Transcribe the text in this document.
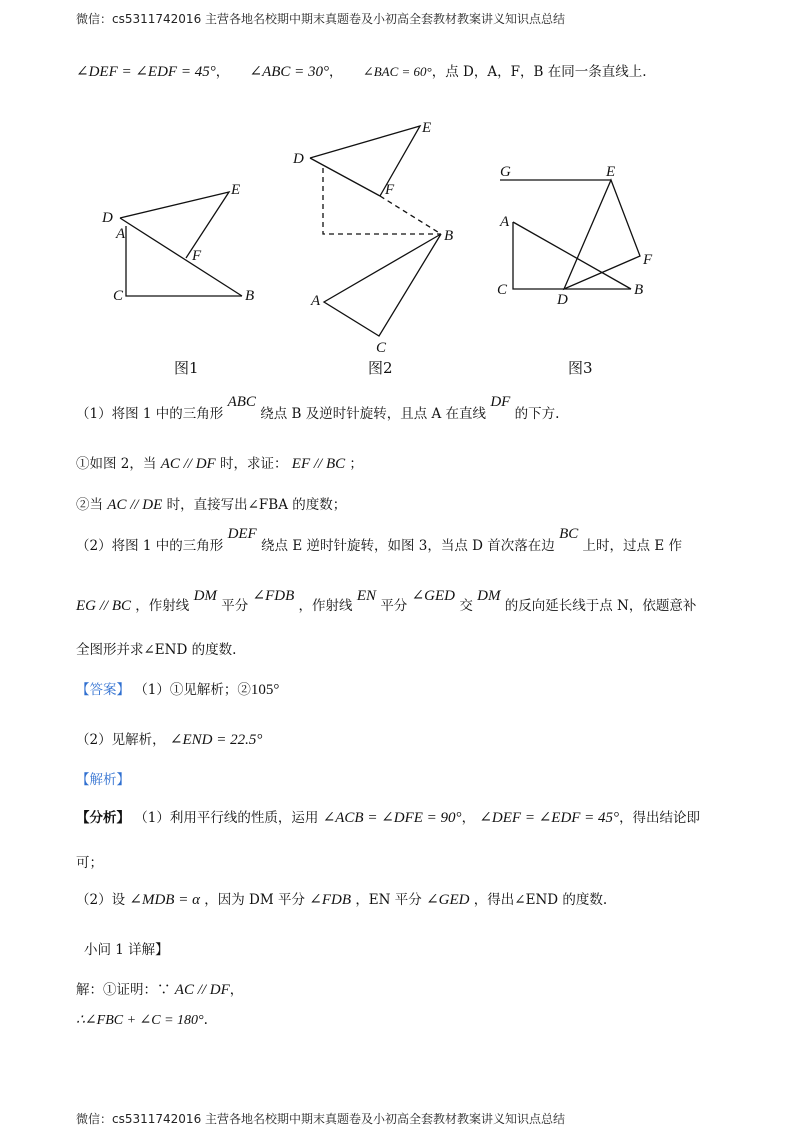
微信：cs5311742016 主营各地名校期中期末真题卷及小初高全套教材教案讲义知识点总结
∠DEF = ∠EDF = 45°， ∠ABC = 30°， ∠BAC = 60°，点 D，A，F，B 在同一条直线上.
D
A
E
F
C	B
D
E
F
B
A
C
G	E
A
F
C
D
B
图1	图2	图3
（1）将图 1 中的三角形 ABC 绕点 B 及逆时针旋转，且点 A 在直线 DF 的下方.
①如图 2，当 AC // DF 时，求证： EF // BC ；
②当 AC // DE 时，直接写出∠FBA 的度数；
（2）将图 1 中的三角形 DEF 绕点 E 逆时针旋转，如图 3，当点 D 首次落在边 BC 上时，过点 E 作
EG // BC ，作射线 DM 平分 ∠FDB ，作射线 EN 平分 ∠GED 交 DM 的反向延长线于点 N，依题意补
全图形并求∠END 的度数.
【答案】 （1）①见解析；②105°
（2）见解析， ∠END = 22.5°
【解析】
【分析】 （1）利用平行线的性质，运用 ∠ACB = ∠DFE = 90°， ∠DEF = ∠EDF = 45°，得出结论即
可；
（2）设 ∠MDB = α ，因为 DM 平分 ∠FDB ，EN 平分 ∠GED ，得出∠END 的度数.
小问 1 详解】
解：①证明：∵ AC // DF，
∴∠FBC + ∠C = 180°.
微信：cs5311742016 主营各地名校期中期末真题卷及小初高全套教材教案讲义知识点总结
